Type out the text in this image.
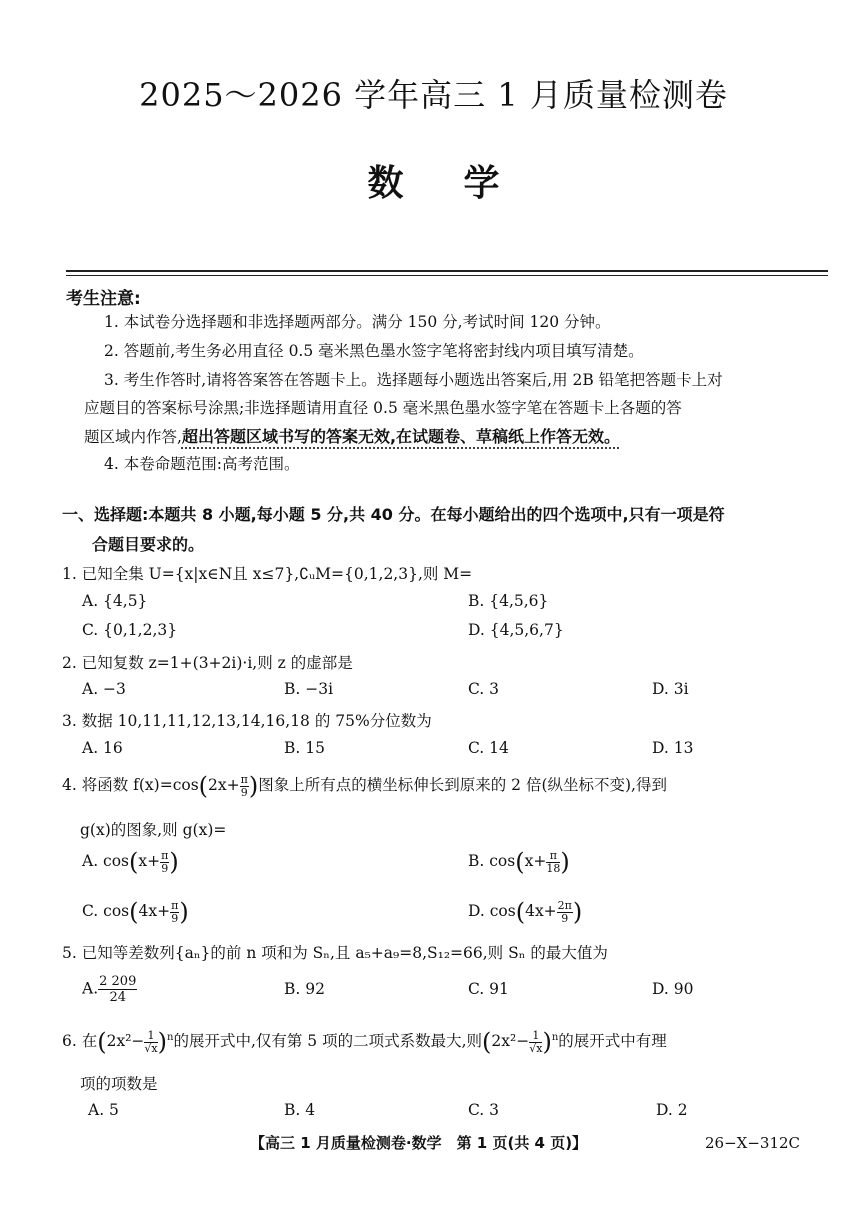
2025～2026 学年高三 1 月质量检测卷
数学
考生注意:
1. 本试卷分选择题和非选择题两部分。满分 150 分,考试时间 120 分钟。
2. 答题前,考生务必用直径 0.5 毫米黑色墨水签字笔将密封线内项目填写清楚。
3. 考生作答时,请将答案答在答题卡上。选择题每小题选出答案后,用 2B 铅笔把答题卡上对
应题目的答案标号涂黑;非选择题请用直径 0.5 毫米黑色墨水签字笔在答题卡上各题的答
题区域内作答,超出答题区域书写的答案无效,在试题卷、草稿纸上作答无效。
4. 本卷命题范围:高考范围。
一、选择题:本题共 8 小题,每小题 5 分,共 40 分。在每小题给出的四个选项中,只有一项是符
合题目要求的。
1. 已知全集 U={x|x∈N且 x≤7},∁ᵤM={0,1,2,3},则 M=
A. {4,5}	B. {4,5,6}
C. {0,1,2,3}	D. {4,5,6,7}
2. 已知复数 z=1+(3+2i)·i,则 z 的虚部是
A. −3	B. −3i	C. 3	D. 3i
3. 数据 10,11,11,12,13,14,16,18 的 75%分位数为
A. 16	B. 15	C. 14	D. 13
4. 将函数 $f(x)=\cos(2x+ \frac{\pi}{9}$ )图象上所有点的横坐标伸长到原来的 2 倍(纵坐标不变),得到
g(x)的图象,则 g(x)=
A. $\cos(x+ \frac{\pi}{9}$ )	B. $\cos(x+ \frac{\pi}{18}$ )
C. $\cos(4x+ \frac{\pi}{9}$ )	D. $\cos(4x+ \frac{2\pi}{9}$ )
5. 已知等差数列{aₙ}的前 n 项和为 Sₙ,且 a₅+a₉=8,S₁₂=66,则 Sₙ 的最大值为
A. $\frac{2 209}{24}$	B. 92	C. 91	D. 90
6. 在$(2x^2- \frac{1}{√x} )^n$的展开式中,仅有第 5 项的二项式系数最大,则$(2x^2- \frac{1}{√x} )^n$的展开式中有理
项的项数是
A. 5	B. 4	C. 3	D. 2
【高三 1 月质量检测卷·数学　第 1 页(共 4 页)】	26−X−312C
